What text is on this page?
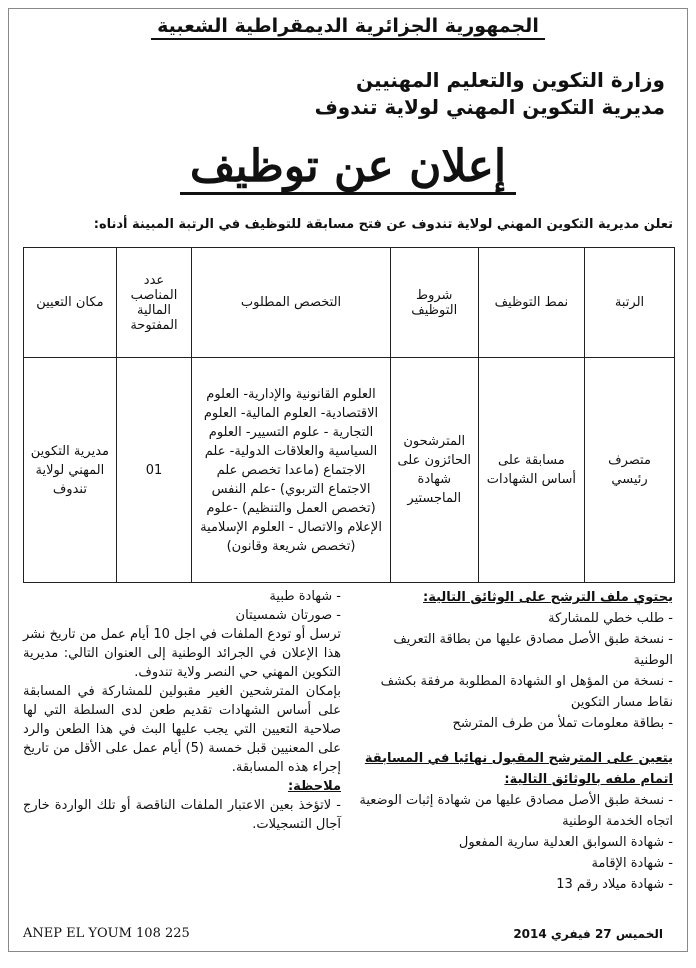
الجمهورية الجزائرية الديمقراطية الشعبية
وزارة التكوين والتعليم المهنيين
مديرية التكوين المهني لولاية تندوف
إعلان عن توظيف
تعلن مديرية التكوين المهني لولاية تندوف عن فتح مسابقة للتوظيف في الرتبة المبينة أدناه:
الرتبة	نمط التوظيف	شروط التوظيف	التخصص المطلوب	عدد المناصب المالية المفتوحة	مكان التعيين
متصرف رئيسي	مسابقة على أساس الشهادات	المترشحون الحائزون على شهادة الماجستير	العلوم القانونية والإدارية- العلوم الاقتصادية- العلوم المالية- العلوم التجارية - علوم التسيير- العلوم السياسية والعلاقات الدولية- علم الاجتماع (ماعدا تخصص علم الاجتماع التربوي) -علم النفس (تخصص العمل والتنظيم) -علوم الإعلام والاتصال - العلوم الإسلامية (تخصص شريعة وقانون)	01	مديرية التكوين المهني لولاية تندوف
يحتوي ملف الترشح على الوثائق التالية:
- طلب خطي للمشاركة
- نسخة طبق الأصل مصادق عليها من بطاقة التعريف الوطنية
- نسخة من المؤهل او الشهادة المطلوبة مرفقة بكشف نقاط مسار التكوين
- بطاقة معلومات تملأ من طرف المترشح
يتعين على المترشح المقبول نهائيا في المسابقة اتمام ملفه بالوثائق التالية:
- نسخة طبق الأصل مصادق عليها من شهادة إثبات الوضعية اتجاه الخدمة الوطنية
- شهادة السوابق العدلية سارية المفعول
- شهادة الإقامة
- شهادة ميلاد رقم 13
- شهادة طبية
- صورتان شمسيتان

ترسل أو تودع الملفات في اجل 10 أيام عمل من تاريخ نشر هذا الإعلان في الجرائد الوطنية إلى العنوان التالي: مديرية التكوين المهني حي النصر ولاية تندوف.

بإمكان المترشحين الغير مقبولين للمشاركة في المسابقة على أساس الشهادات تقديم طعن لدى السلطة التي لها صلاحية التعيين التي يجب عليها البث في هذا الطعن والرد على المعنيين قبل خمسة (5) أيام عمل على الأقل من تاريخ إجراء هذه المسابقة.

ملاحظة:

- لاتؤخذ بعين الاعتبار الملفات الناقصة أو تلك الواردة خارج آجال التسجيلات.

ANEP EL YOUM 108 225	الخميس 27 فيفري 2014
